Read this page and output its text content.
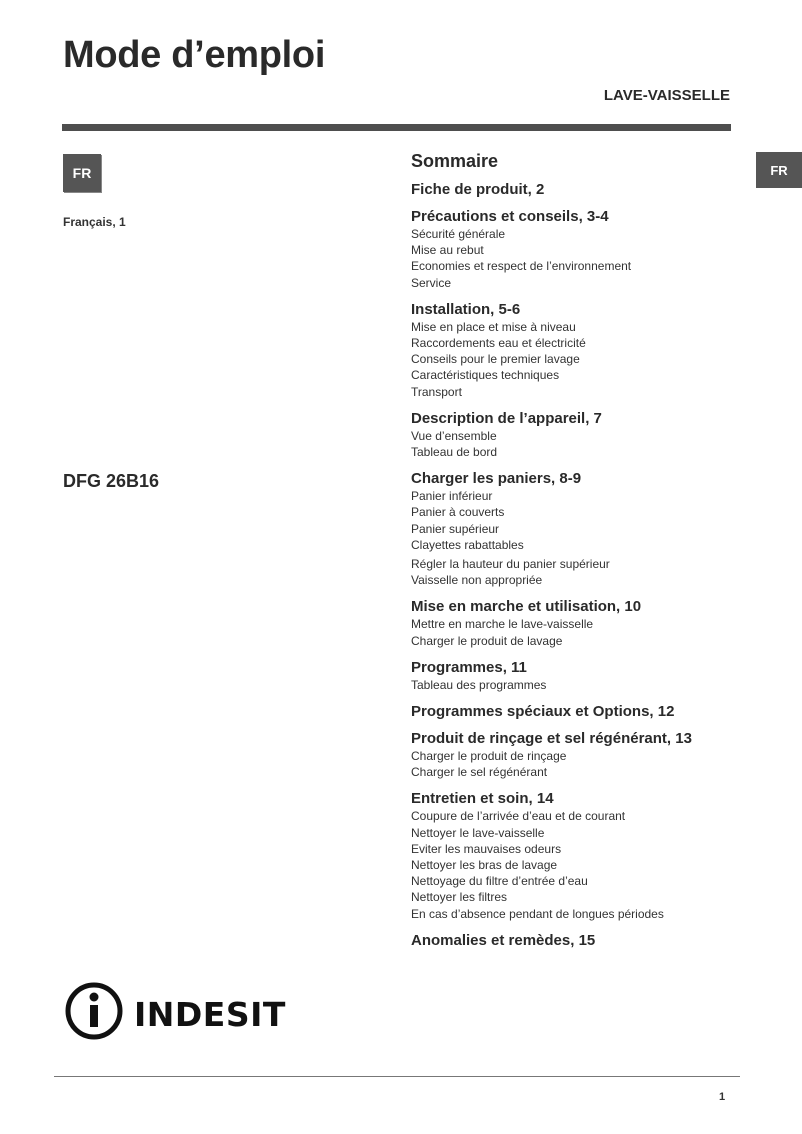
Mode d’emploi
LAVE-VAISSELLE
FR	FR
Français, 1
DFG 26B16
Sommaire
Fiche de produit, 2
Précautions et conseils, 3-4
Sécurité générale
Mise au rebut
Economies et respect de l’environnement
Service
Installation, 5-6
Mise en place et mise à niveau
Raccordements eau et électricité
Conseils pour le premier lavage
Caractéristiques techniques
Transport
Description de l’appareil, 7
Vue d’ensemble
Tableau de bord
Charger les paniers, 8-9
Panier inférieur
Panier à couverts
Panier supérieur
Clayettes rabattables
Régler la hauteur du panier supérieur
Vaisselle non appropriée
Mise en marche et utilisation, 10
Mettre en marche le lave-vaisselle
Charger le produit de lavage
Programmes, 11
Tableau des programmes
Programmes spéciaux et Options, 12
Produit de rinçage et sel régénérant, 13
Charger le produit de rinçage
Charger le sel régénérant
Entretien et soin, 14
Coupure de l’arrivée d’eau et de courant
Nettoyer le lave-vaisselle
Eviter les mauvaises odeurs
Nettoyer les bras de lavage
Nettoyage du filtre d’entrée d’eau
Nettoyer les filtres
En cas d’absence pendant de longues périodes
Anomalies et remèdes, 15
INDESIT
1
